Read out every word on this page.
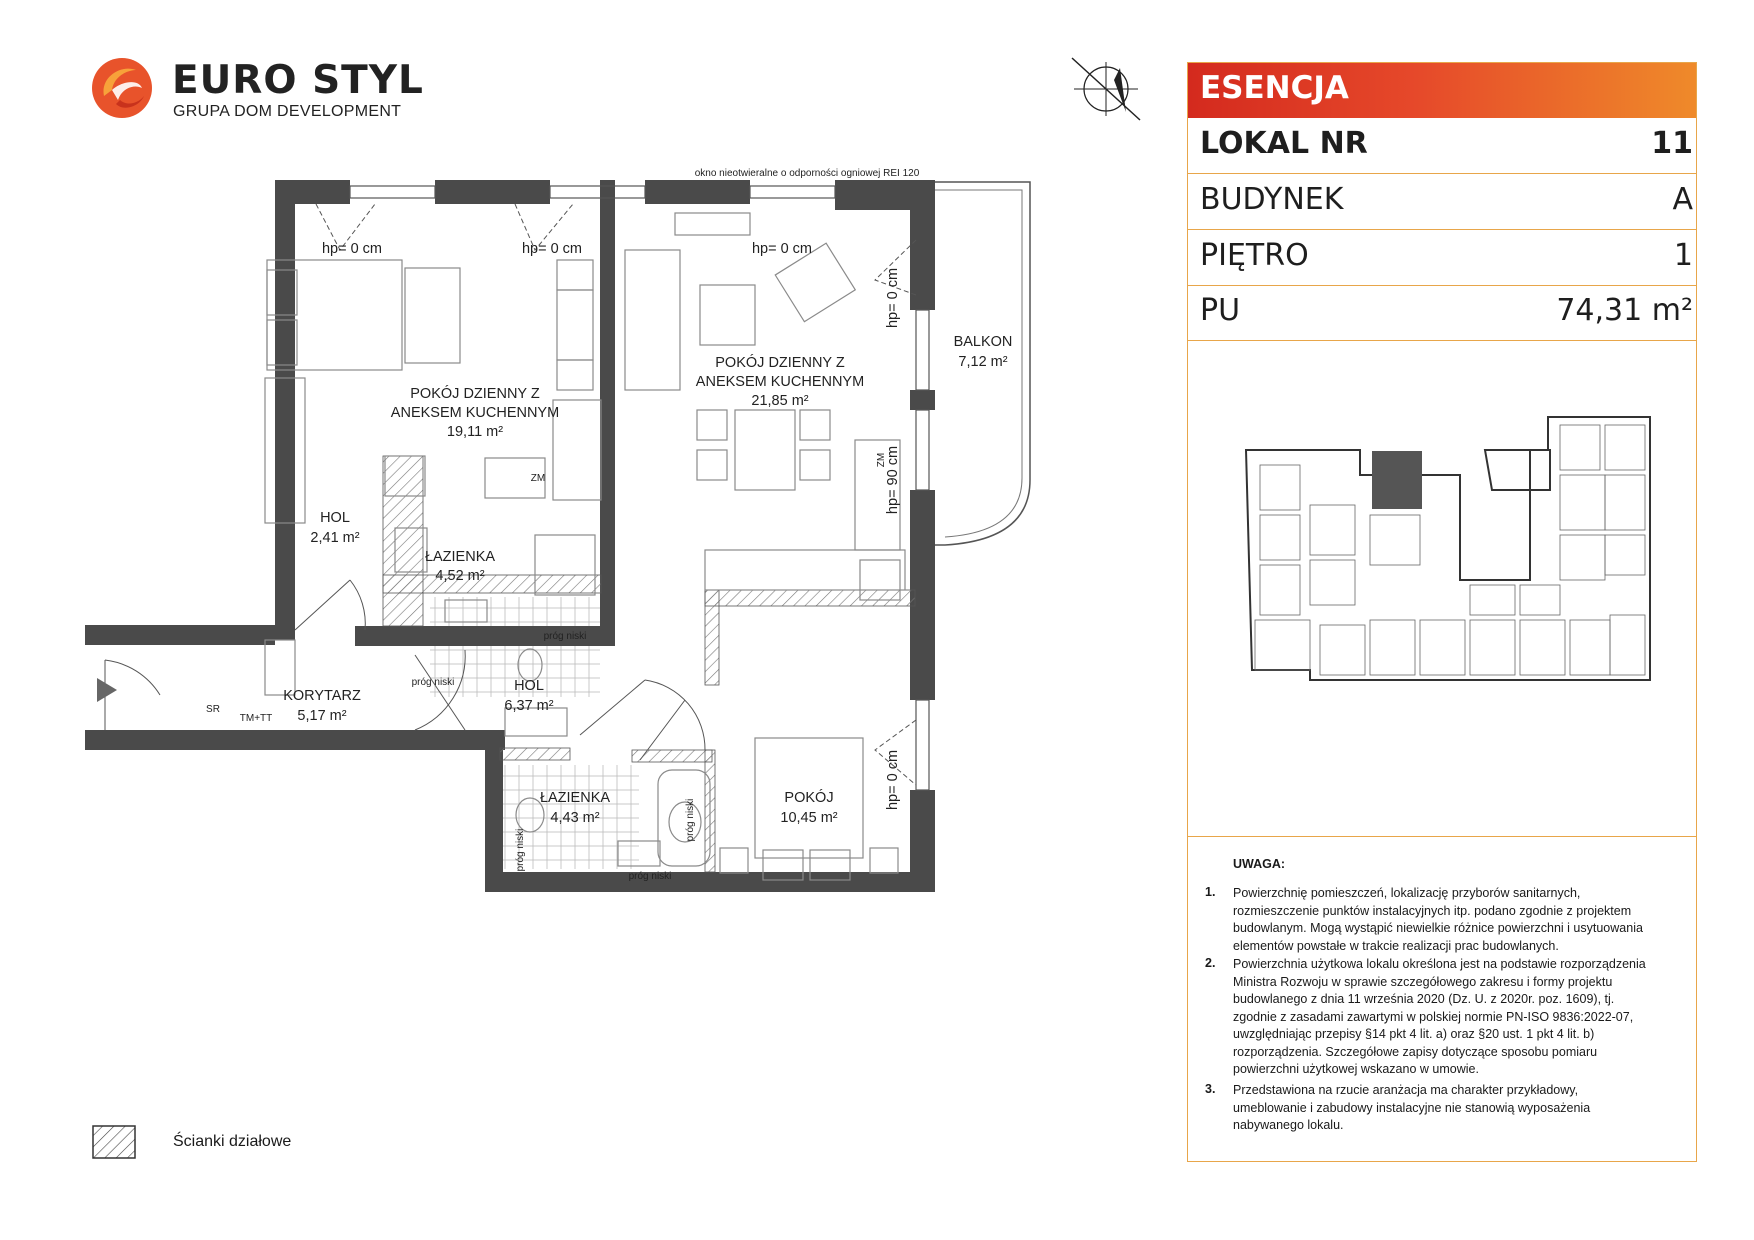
EURO STYL
GRUPA DOM DEVELOPMENT
POKÓJ DZIENNY Z
ANEKSEM KUCHENNYM
19,11 m²
POKÓJ DZIENNY Z
ANEKSEM KUCHENNYM
21,85 m²
BALKON
7,12 m²
HOL
2,41 m²
ŁAZIENKA
4,52 m²
KORYTARZ
5,17 m²
HOL
6,37 m²
ŁAZIENKA
4,43 m²
POKÓJ
10,45 m²
okno nieotwieralne o odporności ogniowej REI 120
hp= 0 cm	hp= 0 cm	hp= 0 cm
hp= 0 cm
hp= 90 cm
hp= 0 cm
próg niski
próg niski
próg niski
próg niski
próg niski
ZM
ZM
SR
TM+TT
ESENCJA
LOKAL NR	11
BUDYNEK	A
PIĘTRO	1
PU	74,31 m²
UWAGA:
1. Powierzchnię pomieszczeń, lokalizację przyborów sanitarnych,
rozmieszczenie punktów instalacyjnych itp. podano zgodnie z projektem
budowlanym. Mogą wystąpić niewielkie różnice powierzchni i usytuowania
elementów powstałe w trakcie realizacji prac budowlanych.
2. Powierzchnia użytkowa lokalu określona jest na podstawie rozporządzenia
Ministra Rozwoju w sprawie szczegółowego zakresu i formy projektu
budowlanego z dnia 11 września 2020 (Dz. U. z 2020r. poz. 1609), tj.
zgodnie z zasadami zawartymi w polskiej normie PN-ISO 9836:2022-07,
uwzględniając przepisy §14 pkt 4 lit. a) oraz §20 ust. 1 pkt 4 lit. b)
rozporządzenia. Szczegółowe zapisy dotyczące sposobu pomiaru
powierzchni użytkowej wskazano w umowie.
3. Przedstawiona na rzucie aranżacja ma charakter przykładowy,
umeblowanie i zabudowy instalacyjne nie stanowią wyposażenia
nabywanego lokalu.
Ścianki działowe
